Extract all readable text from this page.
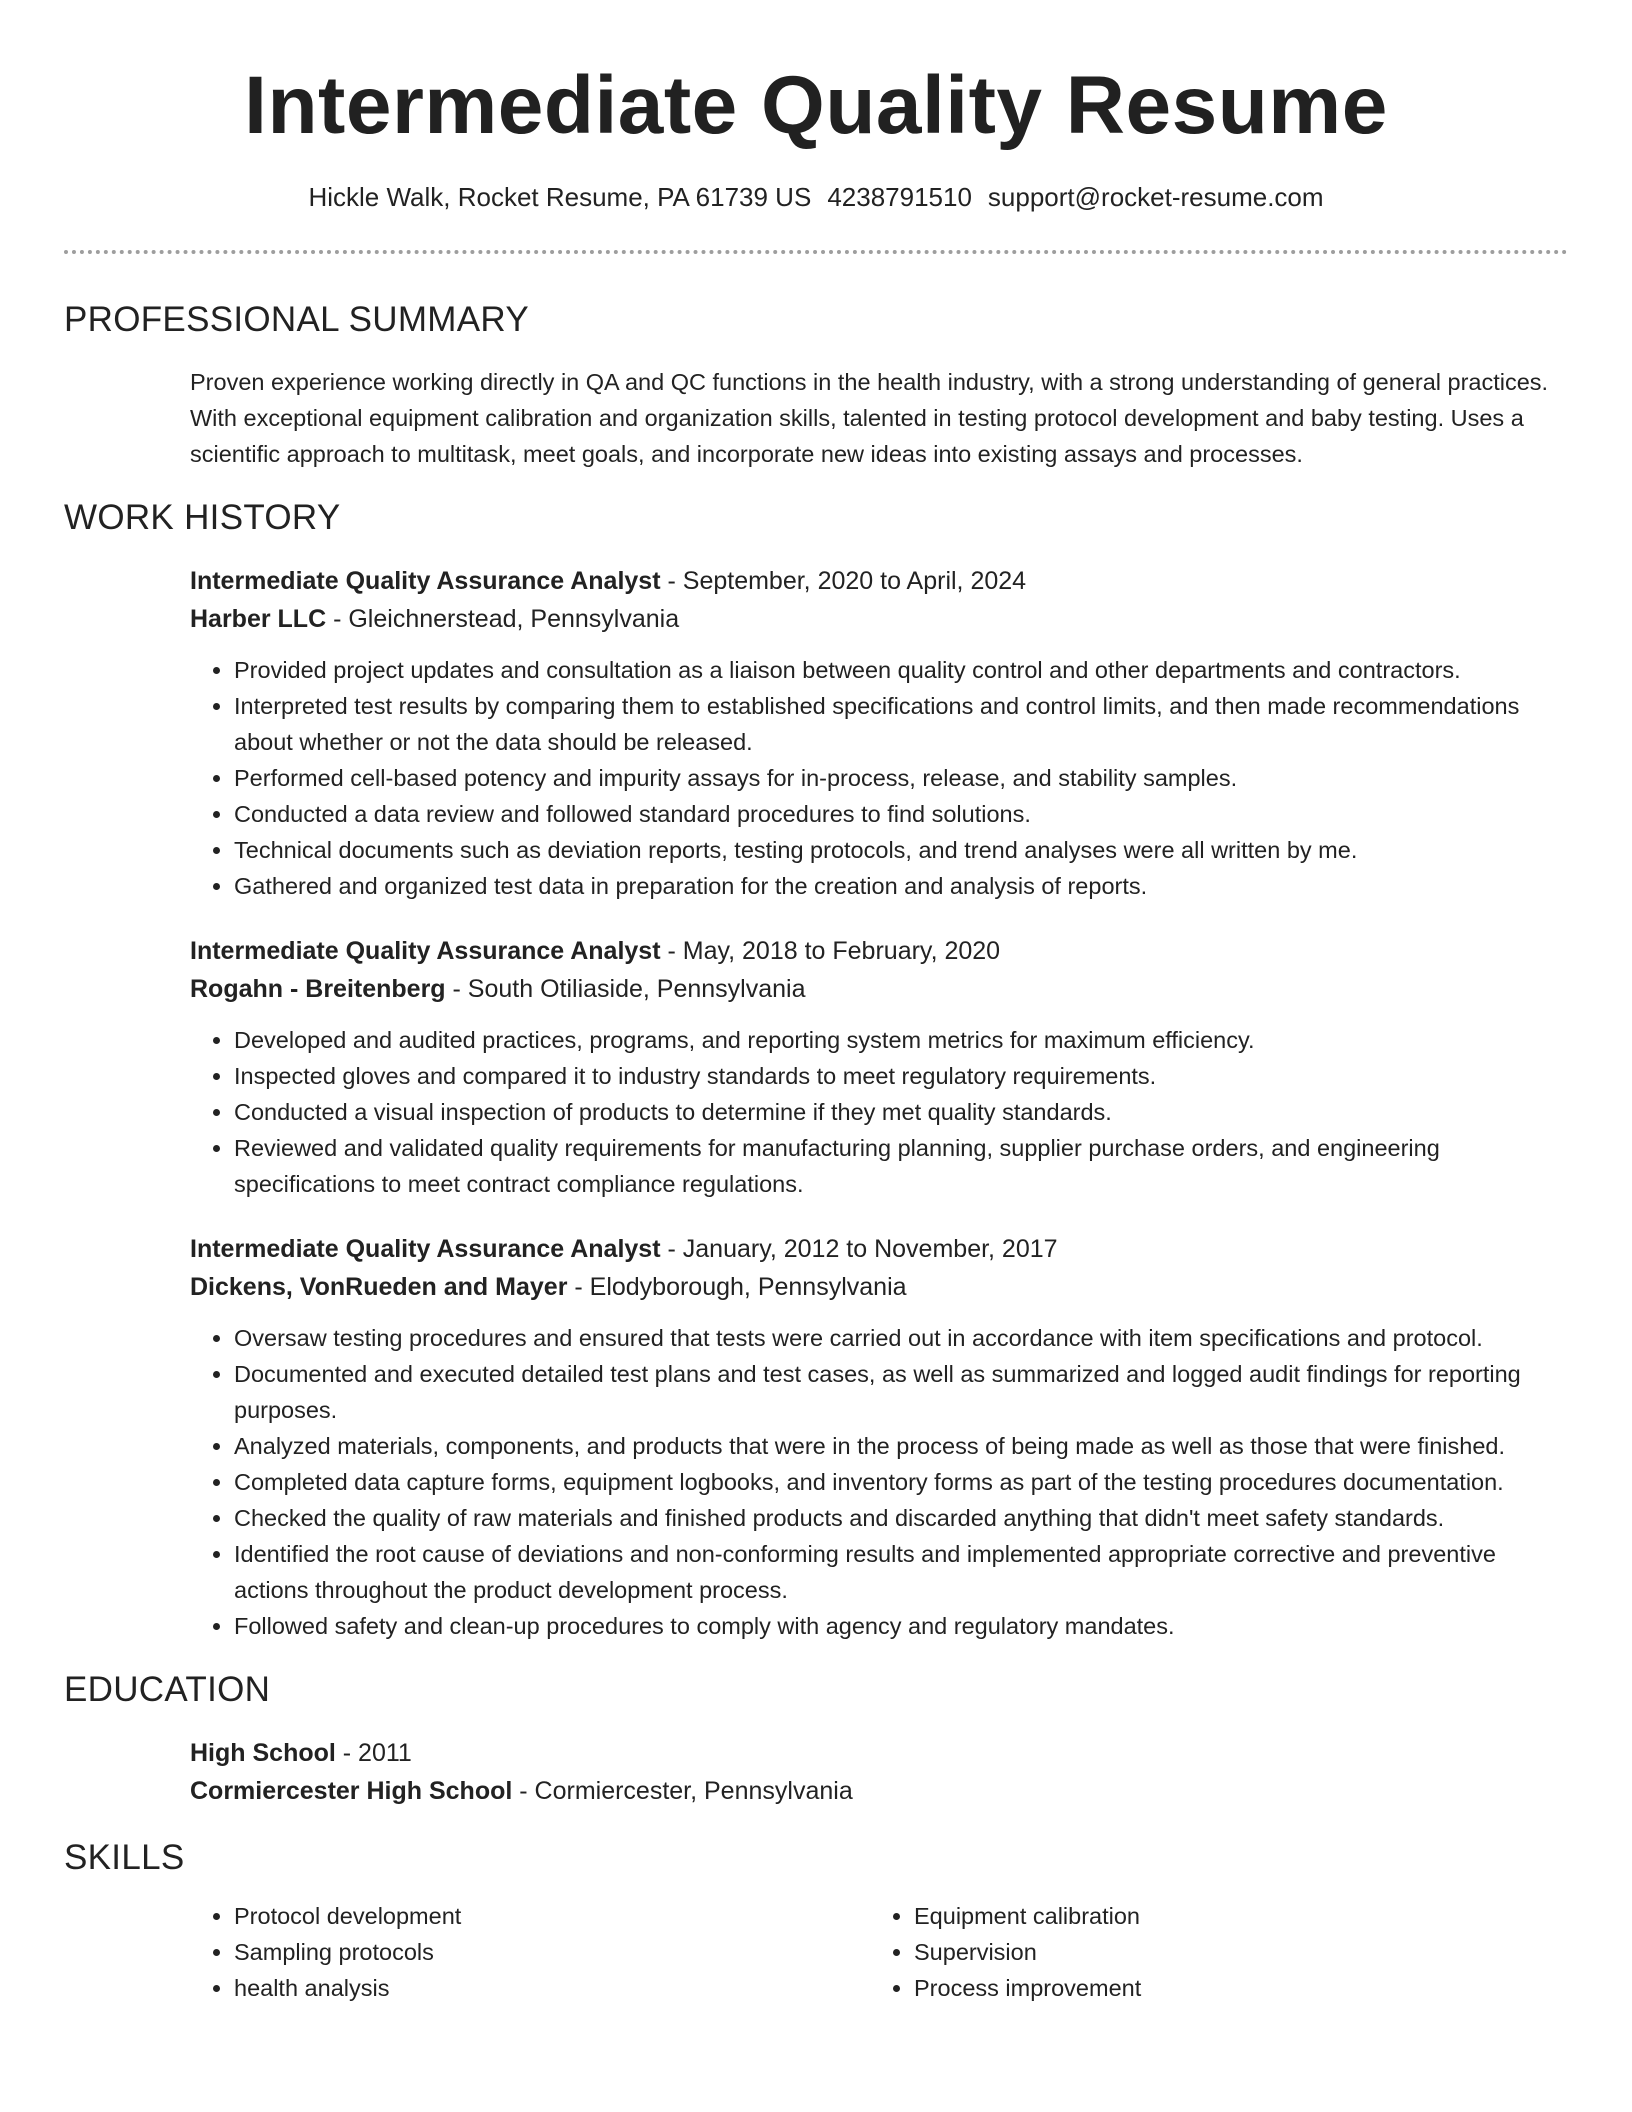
Intermediate Quality Resume
Hickle Walk, Rocket Resume, PA 61739 US 4238791510 support@rocket-resume.com
PROFESSIONAL SUMMARY
Proven experience working directly in QA and QC functions in the health industry, with a strong understanding of general practices. With exceptional equipment calibration and organization skills, talented in testing protocol development and baby testing. Uses a scientific approach to multitask, meet goals, and incorporate new ideas into existing assays and processes.
WORK HISTORY
Intermediate Quality Assurance Analyst - September, 2020 to April, 2024
Harber LLC - Gleichnerstead, Pennsylvania
• Provided project updates and consultation as a liaison between quality control and other departments and contractors.
• Interpreted test results by comparing them to established specifications and control limits, and then made recommendations about whether or not the data should be released.
• Performed cell-based potency and impurity assays for in-process, release, and stability samples.
• Conducted a data review and followed standard procedures to find solutions.
• Technical documents such as deviation reports, testing protocols, and trend analyses were all written by me.
• Gathered and organized test data in preparation for the creation and analysis of reports.
Intermediate Quality Assurance Analyst - May, 2018 to February, 2020
Rogahn - Breitenberg - South Otiliaside, Pennsylvania
• Developed and audited practices, programs, and reporting system metrics for maximum efficiency.
• Inspected gloves and compared it to industry standards to meet regulatory requirements.
• Conducted a visual inspection of products to determine if they met quality standards.
• Reviewed and validated quality requirements for manufacturing planning, supplier purchase orders, and engineering specifications to meet contract compliance regulations.
Intermediate Quality Assurance Analyst - January, 2012 to November, 2017
Dickens, VonRueden and Mayer - Elodyborough, Pennsylvania
• Oversaw testing procedures and ensured that tests were carried out in accordance with item specifications and protocol.
• Documented and executed detailed test plans and test cases, as well as summarized and logged audit findings for reporting purposes.
• Analyzed materials, components, and products that were in the process of being made as well as those that were finished.
• Completed data capture forms, equipment logbooks, and inventory forms as part of the testing procedures documentation.
• Checked the quality of raw materials and finished products and discarded anything that didn't meet safety standards.
• Identified the root cause of deviations and non-conforming results and implemented appropriate corrective and preventive actions throughout the product development process.
• Followed safety and clean-up procedures to comply with agency and regulatory mandates.
EDUCATION
High School - 2011
Cormiercester High School - Cormiercester, Pennsylvania
SKILLS
• Protocol development
• Sampling protocols
• health analysis
• Equipment calibration
• Supervision
• Process improvement
